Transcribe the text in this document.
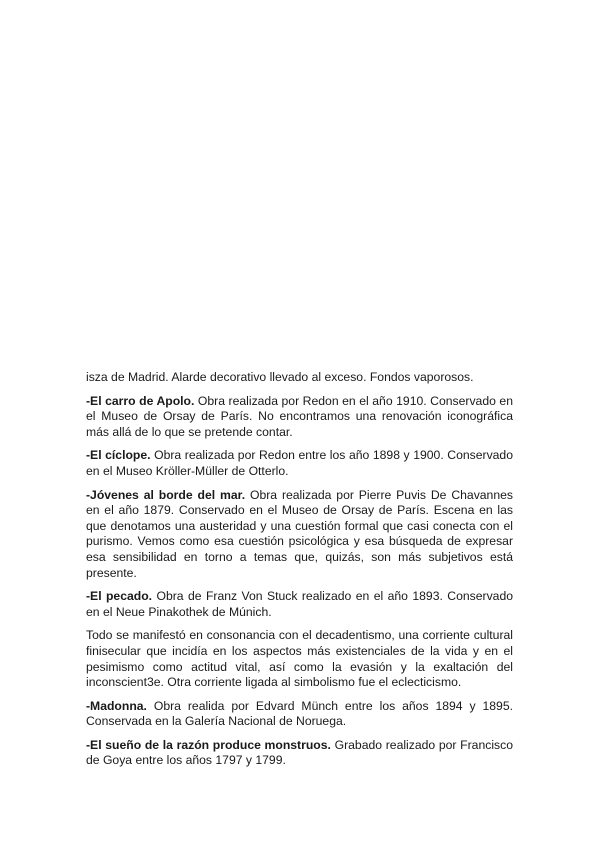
isza de Madrid. Alarde decorativo llevado al exceso. Fondos vaporosos.

-El carro de Apolo. Obra realizada por Redon en el año 1910. Conservado en el Museo de Orsay de París. No encontramos una renovación iconográfica más allá de lo que se pretende contar.

-El cíclope. Obra realizada por Redon entre los año 1898 y 1900. Conservado en el Museo Kröller-Müller de Otterlo.

-Jóvenes al borde del mar. Obra realizada por Pierre Puvis De Chavannes en el año 1879. Conservado en el Museo de Orsay de París. Escena en las que denotamos una austeridad y una cuestión formal que casi conecta con el purismo. Vemos como esa cuestión psicológica y esa búsqueda de expresar esa sensibilidad en torno a temas que, quizás, son más subjetivos está presente.

-El pecado. Obra de Franz Von Stuck realizado en el año 1893. Conservado en el Neue Pinakothek de Múnich.

Todo se manifestó en consonancia con el decadentismo, una corriente cultural finisecular que incidía en los aspectos más existenciales de la vida y en el pesimismo como actitud vital, así como la evasión y la exaltación del inconscient3e. Otra corriente ligada al simbolismo fue el eclecticismo.

-Madonna. Obra realida por Edvard Münch entre los años 1894 y 1895. Conservada en la Galería Nacional de Noruega.

-El sueño de la razón produce monstruos. Grabado realizado por Francisco de Goya entre los años 1797 y 1799.
